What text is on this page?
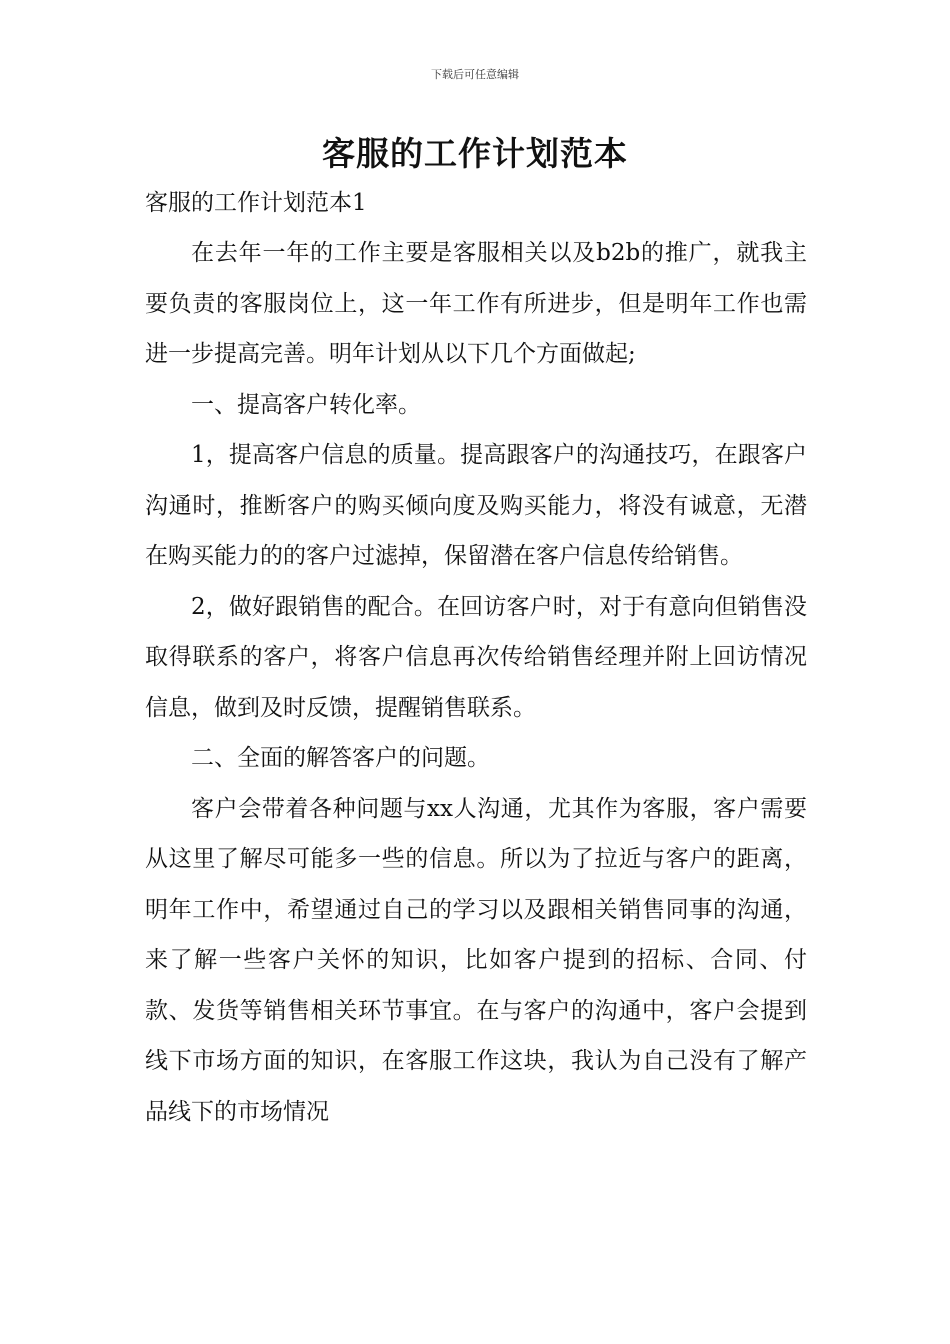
下载后可任意编辑
客服的工作计划范本

客服的工作计划范本1

在去年一年的工作主要是客服相关以及b2b的推广，就我主要负责的客服岗位上，这一年工作有所进步，但是明年工作也需进一步提高完善。明年计划从以下几个方面做起;

一、提高客户转化率。

1，提高客户信息的质量。提高跟客户的沟通技巧，在跟客户沟通时，推断客户的购买倾向度及购买能力，将没有诚意，无潜在购买能力的的客户过滤掉，保留潜在客户信息传给销售。

2，做好跟销售的配合。在回访客户时，对于有意向但销售没取得联系的客户，将客户信息再次传给销售经理并附上回访情况信息，做到及时反馈，提醒销售联系。

二、全面的解答客户的问题。

客户会带着各种问题与xx人沟通，尤其作为客服，客户需要从这里了解尽可能多一些的信息。所以为了拉近与客户的距离，明年工作中，希望通过自己的学习以及跟相关销售同事的沟通，来了解一些客户关怀的知识，比如客户提到的招标、合同、付款、发货等销售相关环节事宜。在与客户的沟通中，客户会提到线下市场方面的知识，在客服工作这块，我认为自己没有了解产品线下的市场情况
